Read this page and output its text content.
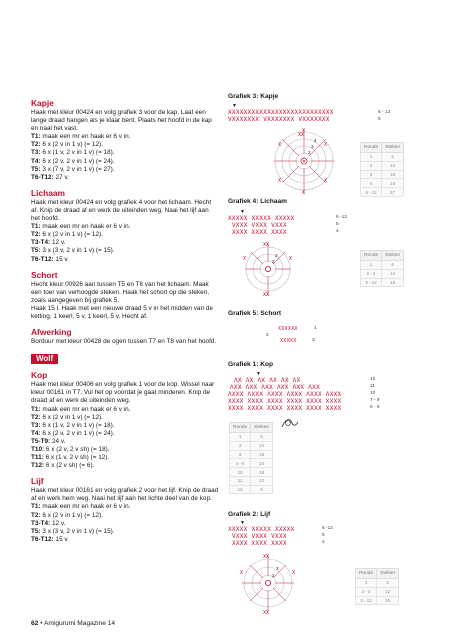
Kapje

Haak met kleur 00424 en volg grafiek 3 voor de kap. Laat een lange draad hangen als je klaar bent. Plaats het hoofd in de kap en naai het vast.

T1: maak een mr en haak er 6 v in.
T2: 6 x (2 v in 1 v) (= 12).
T3: 6 x (1 v, 2 v in 1 v) (= 18).
T4: 6 x (2 v, 2 v in 1 v) (= 24).
T5: 3 x (7 v, 2 v in 1 v) (= 27).
T6-T12: 27 v.
Lichaam

Haak met kleur 00424 en volg grafiek 4 voor het lichaam. Hecht af. Knip de draad af en werk de uiteinden weg. Naai het lijf aan het hoofd.

T1: maak een mr en haak er 6 v in.
T2: 6 x (2 v in 1 v) (= 12).
T3-T4: 12 v.
T5: 3 x (3 v, 2 v in 1 v) (= 15).
T6-T12: 15 v.
Schort

Hecht kleur 00926 aan tussen T5 en T6 van het lichaam. Maak een toer van verhoogde steken. Haak het schort op die steken, zoals aangegeven bij grafiek 5.

Haak 15 l. Haak met een nieuwe draad 5 v in het midden van de ketting, 1 keerl, 5 v, 1 keerl, 5 v. Hecht af.

Afwerking

Borduur met kleur 00428 de ogen tussen T7 en T8 van het hoofd.

Wolf
Kop

Haak met kleur 00406 en volg grafiek 1 voor de kop. Wissel naar kleur 00161 in T7. Vul het op voordat je gaat minderen. Knip de draad af en werk de uiteinden weg.

T1: maak een mr en haak er 6 v in.
T2: 6 x (2 v in 1 v) (= 12).
T3: 6 x (1 v, 2 v in 1 v) (= 18).
T4: 6 x (2 v, 2 v in 1 v) (= 24).
T5-T9: 24 v.
T10: 6 x (2 v, 2 v sh) (= 18).
T11: 6 x (1 v, 2 v sh) (= 12).
T12: 6 x (2 v sh) (= 6).
Lijf

Haak met kleur 00161 en volg grafiek 2 voor het lijf. Knip de draad af en werk hem weg. Naai het lijf aan het lichte deel van de kop.

T1: maak een mr en haak er 6 v in.
T2: 6 x (2 v in 1 v) (= 12).
T3-T4: 12 v.
T5: 3 x (3 v, 2 v in 1 v) (= 15).
T6-T12: 15 v.
62 • Amigurumi Magazine 14
Grafiek 3: Kapje
▼
XXXXXXXXXXXXXXXXXXXXXXXXXXX	6 - 12
VXXXXXXX VXXXXXXX VXXXXXXX	5
X
XX
X
X	X
X	X
2
3
4
Ronde	Steken
1	6
2	12
3	18
4	24
5 - 12	27
Grafiek 4: Lichaam
▼
XXXXX XXXXX XXXXX	6 -12
VXXX VXXX VXXX	5
XXXX XXXX XXXX	4
XX
XX
X	X
2
3	Ronde	Steken
1	6
2 - 4	12
5 - 12	15
Grafiek 5: Schort
XXXXXX	1
2
XXXXX	3
Grafiek 1: Kop
▼
ΛX ΛX ΛX ΛX ΛX ΛX	12
ΛXX ΛXX ΛXX ΛXX ΛXX ΛXX	11
ΛXXX ΛXXX ΛXXX ΛXXX ΛXXX ΛXXX	10
XXXX XXXX XXXX XXXX XXXX XXXX	7 - 9
XXXX XXXX XXXX XXXX XXXX XXXX	5 - 6
Ronde	Steken
1	6
2	12
3	18
4 - 9	24
10	18
11	12
12	6
Grafiek 2: Lijf
▼
XXXXX XXXXX XXXXX	6 -12
VXXX VXXX VXXX	5
XXXX XXXX XXXX	4
XX
XX
X	X
2
3
Ronde	Steken
1	6
2 - 4	12
5 - 12	15
